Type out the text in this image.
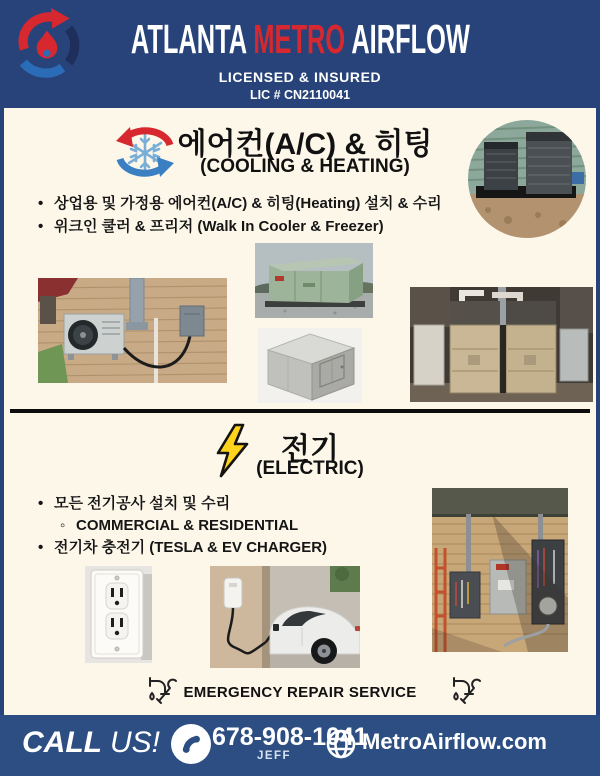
ATLANTA METRO AIRFLOW
LICENSED & INSURED
LIC # CN2110041
에어컨(A/C) & 히팅
(COOLING & HEATING)
• 상업용 및 가정용 에어컨(A/C) & 히팅(Heating) 설치 & 수리
• 위크인 쿨러 & 프리저 (Walk In Cooler & Freezer)
전기
(ELECTRIC)
• 모든 전기공사 설치 및 수리
◦ COMMERCIAL & RESIDENTIAL
• 전기차 충전기 (TESLA & EV CHARGER)
EMERGENCY REPAIR SERVICE
CALL US! 678-908-1041
JEFF
MetroAirflow.com
